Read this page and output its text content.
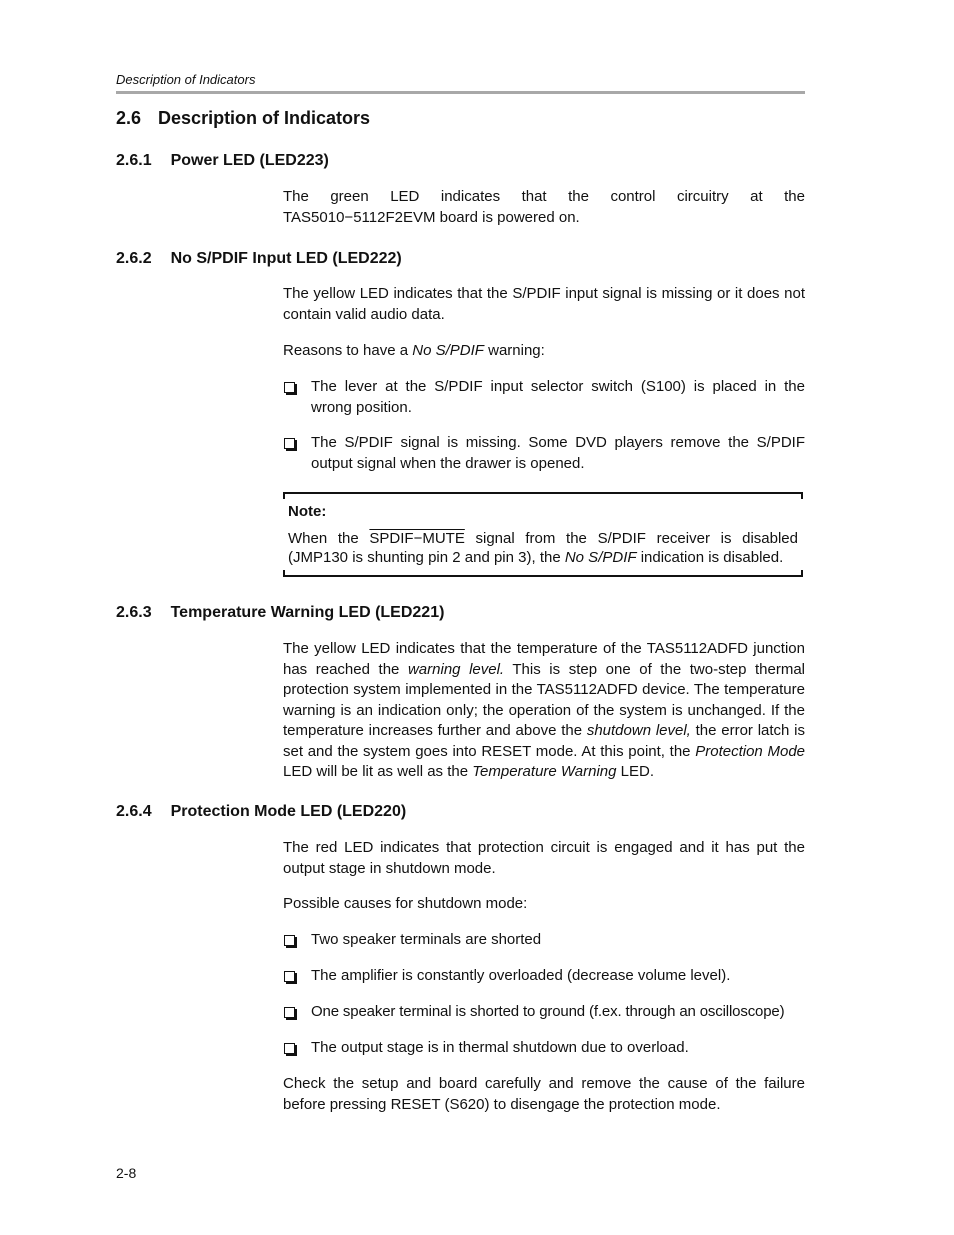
Description of Indicators
2.6 Description of Indicators
2.6.1 Power LED (LED223)
The green LED indicates that the control circuitry at the TAS5010−5112F2EVM board is powered on.
2.6.2 No S/PDIF Input LED (LED222)
The yellow LED indicates that the S/PDIF input signal is missing or it does not contain valid audio data.
Reasons to have a No S/PDIF warning:
The lever at the S/PDIF input selector switch (S100) is placed in the wrong position.
The S/PDIF signal is missing. Some DVD players remove the S/PDIF output signal when the drawer is opened.
Note:
When the SPDIF−MUTE signal from the S/PDIF receiver is disabled (JMP130 is shunting pin 2 and pin 3), the No S/PDIF indication is disabled.
2.6.3 Temperature Warning LED (LED221)
The yellow LED indicates that the temperature of the TAS5112ADFD junction has reached the warning level. This is step one of the two-step thermal protection system implemented in the TAS5112ADFD device. The temperature warning is an indication only; the operation of the system is unchanged. If the temperature increases further and above the shutdown level, the error latch is set and the system goes into RESET mode. At this point, the Protection Mode LED will be lit as well as the Temperature Warning LED.
2.6.4 Protection Mode LED (LED220)
The red LED indicates that protection circuit is engaged and it has put the output stage in shutdown mode.
Possible causes for shutdown mode:
Two speaker terminals are shorted
The amplifier is constantly overloaded (decrease volume level).
One speaker terminal is shorted to ground (f.ex. through an oscilloscope)
The output stage is in thermal shutdown due to overload.
Check the setup and board carefully and remove the cause of the failure before pressing RESET (S620) to disengage the protection mode.
2-8
